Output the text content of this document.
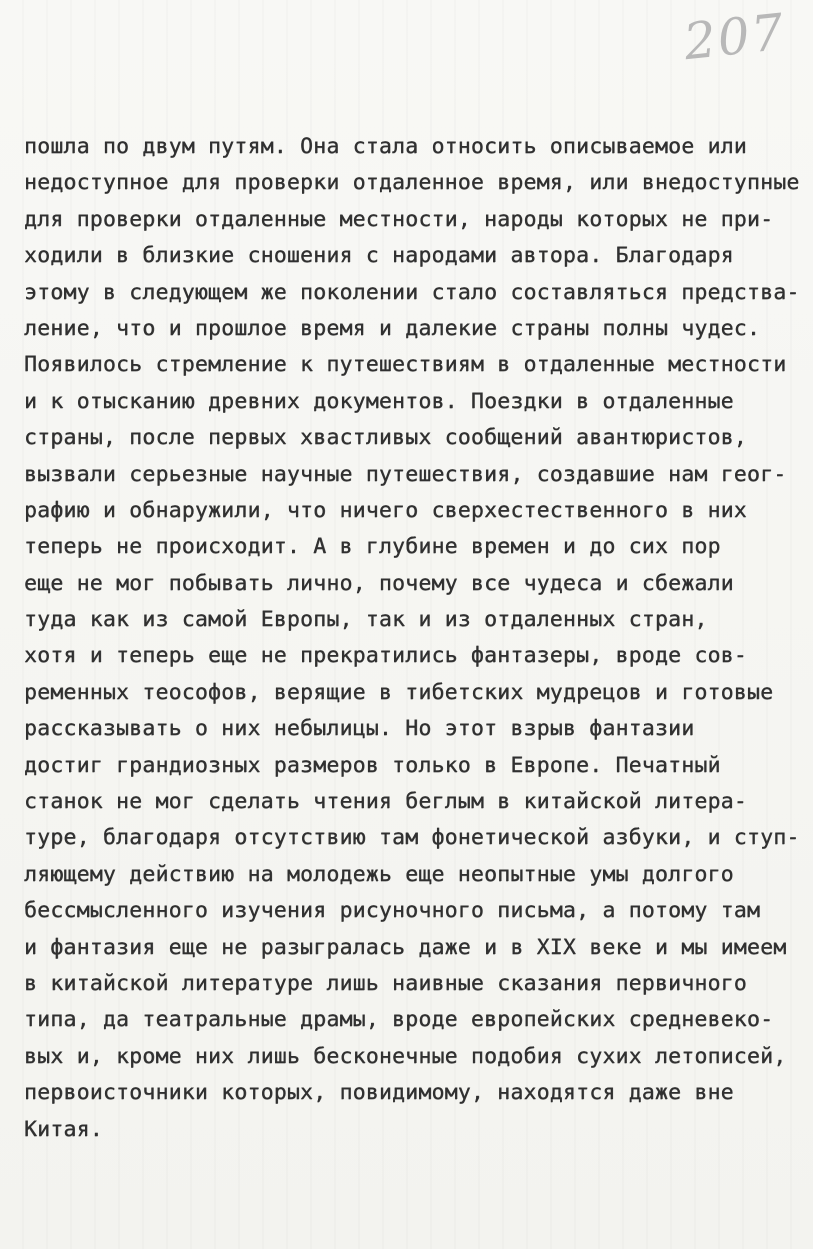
207
пошла по двум путям. Она стала относить описываемое или
недоступное для проверки отдаленное время, или внедоступные
для проверки отдаленные местности, народы которых не при-
ходили в близкие сношения с народами автора. Благодаря
этому в следующем же поколении стало составляться предства-
ление, что и прошлое время и далекие страны полны чудес.
Появилось стремление к путешествиям в отдаленные местности
и к отысканию древних документов. Поездки в отдаленные
страны, после первых хвастливых сообщений авантюристов,
вызвали серьезные научные путешествия, создавшие нам геог-
рафию и обнаружили, что ничего сверхестественного в них
теперь не происходит. А в глубине времен и до сих пор
еще не мог побывать лично, почему все чудеса и сбежали
туда как из самой Европы, так и из отдаленных стран,
хотя и теперь еще не прекратились фантазеры, вроде сов-
ременных теософов, верящие в тибетских мудрецов и готовые
рассказывать о них небылицы. Но этот взрыв фантазии
достиг грандиозных размеров только в Европе. Печатный
станок не мог сделать чтения беглым в китайской литера-
туре, благодаря отсутствию там фонетической азбуки, и ступ-
ляющему действию на молодежь еще неопытные умы долгого
бессмысленного изучения рисуночного письма, а потому там
и фантазия еще не разыгралась даже и в XIX веке и мы имеем
в китайской литературе лишь наивные сказания первичного
типа, да театральные драмы, вроде европейских средневеко-
вых и, кроме них лишь бесконечные подобия сухих летописей,
первоисточники которых, повидимому, находятся даже вне
Китая.
